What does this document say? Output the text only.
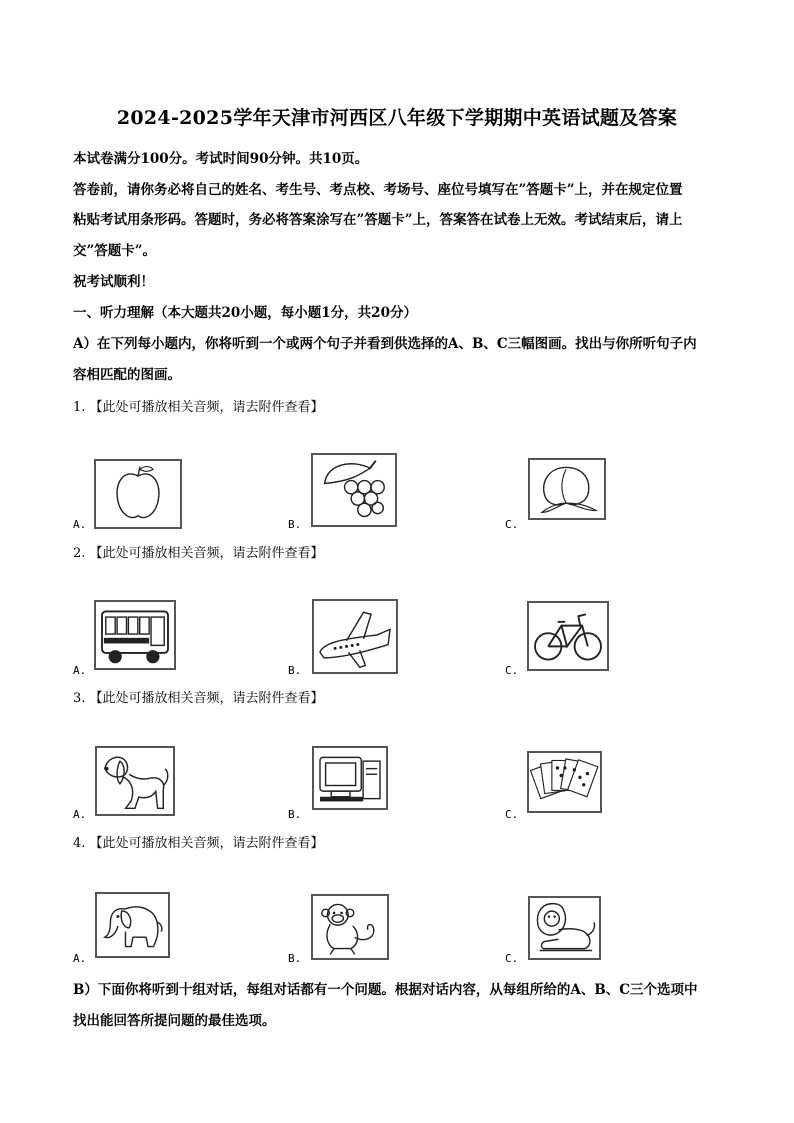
2024-2025学年天津市河西区八年级下学期期中英语试题及答案
本试卷满分100分。考试时间90分钟。共10页。
答卷前，请你务必将自己的姓名、考生号、考点校、考场号、座位号填写在”答题卡”上，并在规定位置
粘贴考试用条形码。答题时，务必将答案涂写在”答题卡”上，答案答在试卷上无效。考试结束后，请上
交”答题卡”。
祝考试顺利！
一、听力理解（本大题共20小题，每小题1分，共20分）
A）在下列每小题内，你将听到一个或两个句子并看到供选择的A、B、C三幅图画。找出与你所听句子内
容相匹配的图画。
1. 【此处可播放相关音频，请去附件查看】
A.	B.	C.
2. 【此处可播放相关音频，请去附件查看】
A.	B.	C.
3. 【此处可播放相关音频，请去附件查看】
A.	B.	C.
4. 【此处可播放相关音频，请去附件查看】
A.	B.	C.
B）下面你将听到十组对话，每组对话都有一个问题。根据对话内容，从每组所给的A、B、C三个选项中
找出能回答所提问题的最佳选项。
